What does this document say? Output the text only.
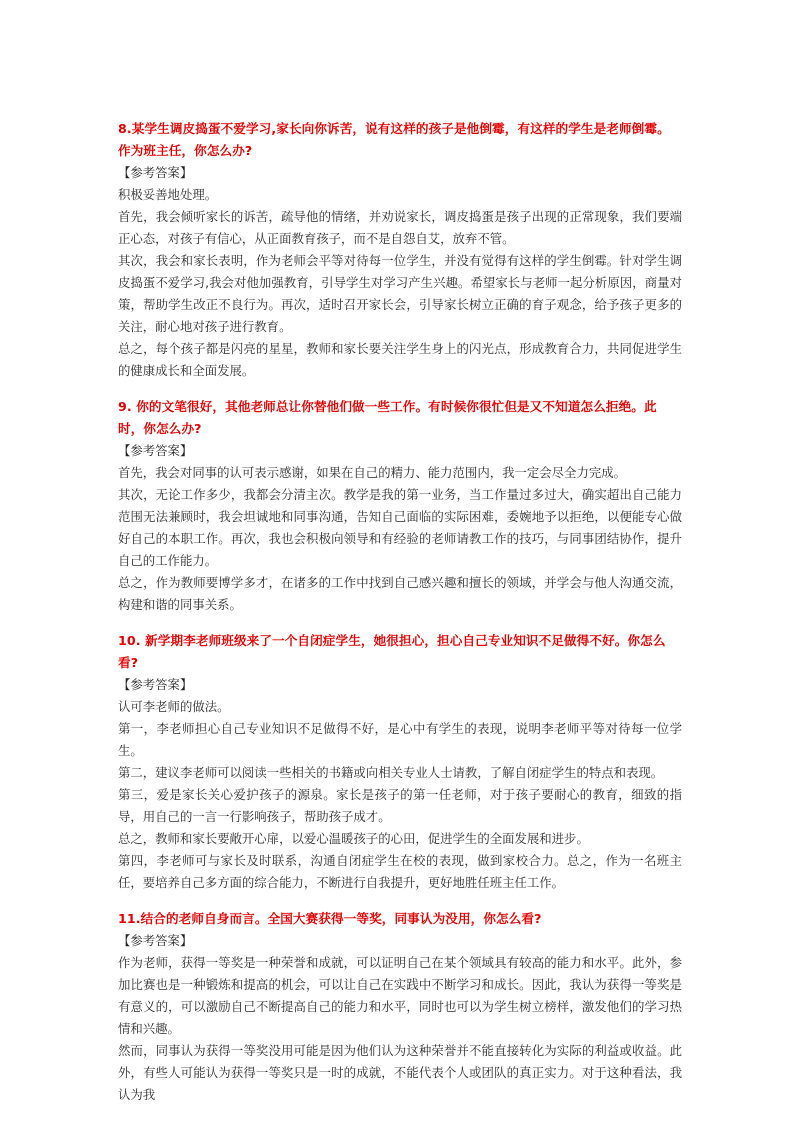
8.某学生调皮捣蛋不爱学习,家长向你诉苦，说有这样的孩子是他倒霉，有这样的学生是老师倒霉。作为班主任，你怎么办?

【参考答案】

积极妥善地处理。

首先，我会倾听家长的诉苦，疏导他的情绪，并劝说家长，调皮捣蛋是孩子出现的正常现象，我们要端正心态，对孩子有信心，从正面教育孩子，而不是自怨自艾，放弃不管。

其次，我会和家长表明，作为老师会平等对待每一位学生，并没有觉得有这样的学生倒霉。针对学生调皮捣蛋不爱学习,我会对他加强教育，引导学生对学习产生兴趣。希望家长与老师一起分析原因，商量对策，帮助学生改正不良行为。再次，适时召开家长会，引导家长树立正确的育子观念，给予孩子更多的关注，耐心地对孩子进行教育。

总之，每个孩子都是闪亮的星星，教师和家长要关注学生身上的闪光点，形成教育合力，共同促进学生的健康成长和全面发展。

9. 你的文笔很好，其他老师总让你替他们做一些工作。有时候你很忙但是又不知道怎么拒绝。此时，你怎么办?

【参考答案】

首先，我会对同事的认可表示感谢，如果在自己的精力、能力范围内，我一定会尽全力完成。

其次，无论工作多少，我都会分清主次。教学是我的第一业务，当工作量过多过大，确实超出自己能力范围无法兼顾时，我会坦诚地和同事沟通，告知自己面临的实际困难，委婉地予以拒绝，以便能专心做好自己的本职工作。再次，我也会积极向领导和有经验的老师请教工作的技巧，与同事团结协作，提升自己的工作能力。

总之，作为教师要博学多才，在诸多的工作中找到自己感兴趣和擅长的领域，并学会与他人沟通交流，构建和谐的同事关系。

10. 新学期李老师班级来了一个自闭症学生，她很担心，担心自己专业知识不足做得不好。你怎么看?

【参考答案】

认可李老师的做法。

第一，李老师担心自己专业知识不足做得不好，是心中有学生的表现，说明李老师平等对待每一位学生。

第二，建议李老师可以阅读一些相关的书籍或向相关专业人士请教，了解自闭症学生的特点和表现。

第三，爱是家长关心爱护孩子的源泉。家长是孩子的第一任老师，对于孩子要耐心的教育，细致的指导，用自己的一言一行影响孩子，帮助孩子成才。

总之，教师和家长要敞开心扉，以爱心温暖孩子的心田，促进学生的全面发展和进步。

第四，李老师可与家长及时联系，沟通自闭症学生在校的表现，做到家校合力。总之，作为一名班主任，要培养自己多方面的综合能力，不断进行自我提升，更好地胜任班主任工作。

11.结合的老师自身而言。全国大赛获得一等奖，同事认为没用，你怎么看?

【参考答案】

作为老师，获得一等奖是一种荣誉和成就，可以证明自己在某个领域具有较高的能力和水平。此外，参加比赛也是一种锻炼和提高的机会，可以让自己在实践中不断学习和成长。因此，我认为获得一等奖是有意义的，可以激励自己不断提高自己的能力和水平，同时也可以为学生树立榜样，激发他们的学习热情和兴趣。

然而，同事认为获得一等奖没用可能是因为他们认为这种荣誉并不能直接转化为实际的利益或收益。此外，有些人可能认为获得一等奖只是一时的成就，不能代表个人或团队的真正实力。对于这种看法，我认为我
